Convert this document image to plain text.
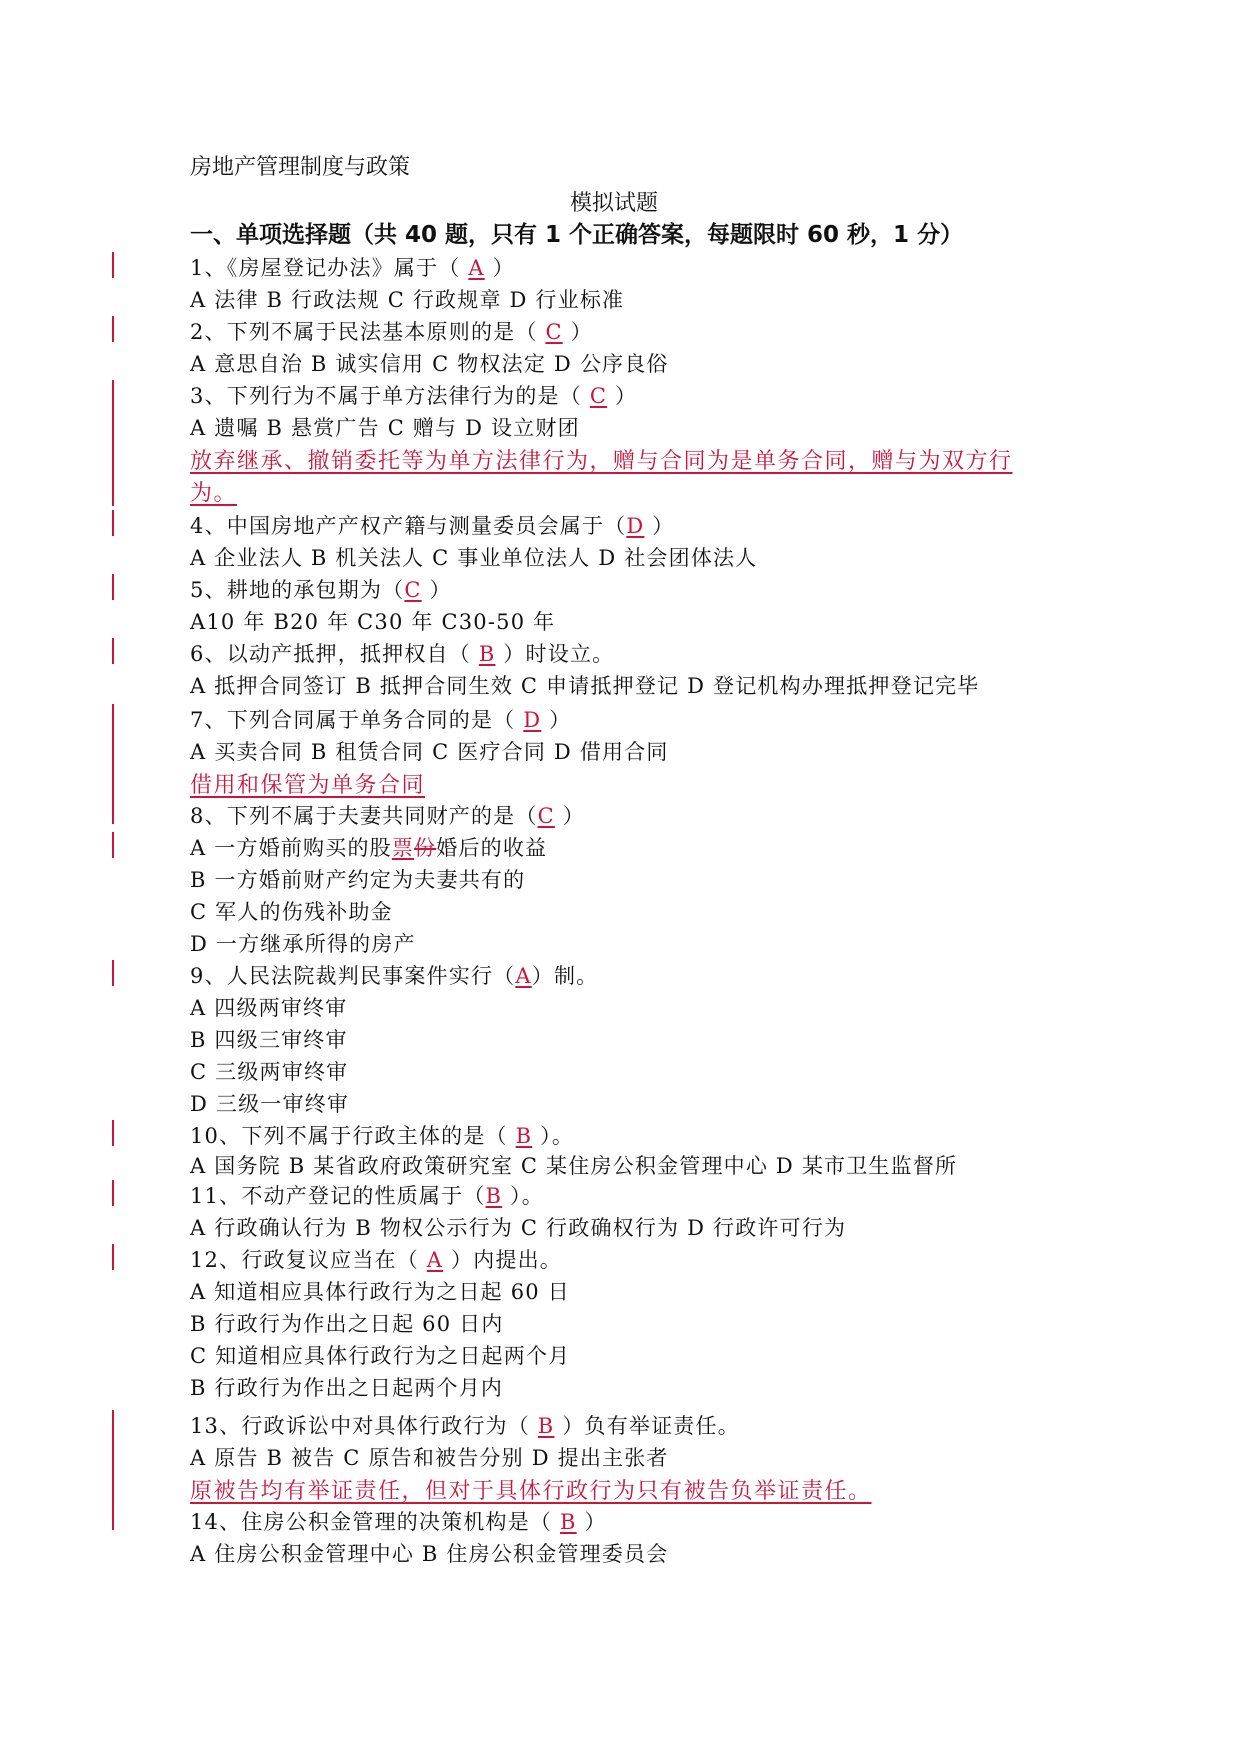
房地产管理制度与政策
模拟试题
一、单项选择题（共 40 题，只有 1 个正确答案，每题限时 60 秒，1 分）
1、《房屋登记办法》属于（ A ）
A 法律 B 行政法规 C 行政规章 D 行业标准
2、下列不属于民法基本原则的是（ C ）
A 意思自治 B 诚实信用 C 物权法定 D 公序良俗
3、下列行为不属于单方法律行为的是（ C ）
A 遗嘱 B 悬赏广告 C 赠与 D 设立财团
放弃继承、撤销委托等为单方法律行为，赠与合同为是单务合同，赠与为双方行
为。
4、中国房地产产权产籍与测量委员会属于（D ）
A 企业法人 B 机关法人 C 事业单位法人 D 社会团体法人
5、耕地的承包期为（C ）
A10 年 B20 年 C30 年 C30-50 年
6、以动产抵押，抵押权自（ B ）时设立。
A 抵押合同签订 B 抵押合同生效 C 申请抵押登记 D 登记机构办理抵押登记完毕
7、下列合同属于单务合同的是（ D ）
A 买卖合同 B 租赁合同 C 医疗合同 D 借用合同
借用和保管为单务合同
8、下列不属于夫妻共同财产的是（C ）
A 一方婚前购买的股票份婚后的收益
B 一方婚前财产约定为夫妻共有的
C 军人的伤残补助金
D 一方继承所得的房产
9、人民法院裁判民事案件实行（A）制。
A 四级两审终审
B 四级三审终审
C 三级两审终审
D 三级一审终审
10、下列不属于行政主体的是（ B ）。
A 国务院 B 某省政府政策研究室 C 某住房公积金管理中心 D 某市卫生监督所
11、不动产登记的性质属于（B ）。
A 行政确认行为 B 物权公示行为 C 行政确权行为 D 行政许可行为
12、行政复议应当在（ A ）内提出。
A 知道相应具体行政行为之日起 60 日
B 行政行为作出之日起 60 日内
C 知道相应具体行政行为之日起两个月
B 行政行为作出之日起两个月内
13、行政诉讼中对具体行政行为（ B ）负有举证责任。
A 原告 B 被告 C 原告和被告分别 D 提出主张者
原被告均有举证责任，但对于具体行政行为只有被告负举证责任。
14、住房公积金管理的决策机构是（ B ）
A 住房公积金管理中心 B 住房公积金管理委员会
